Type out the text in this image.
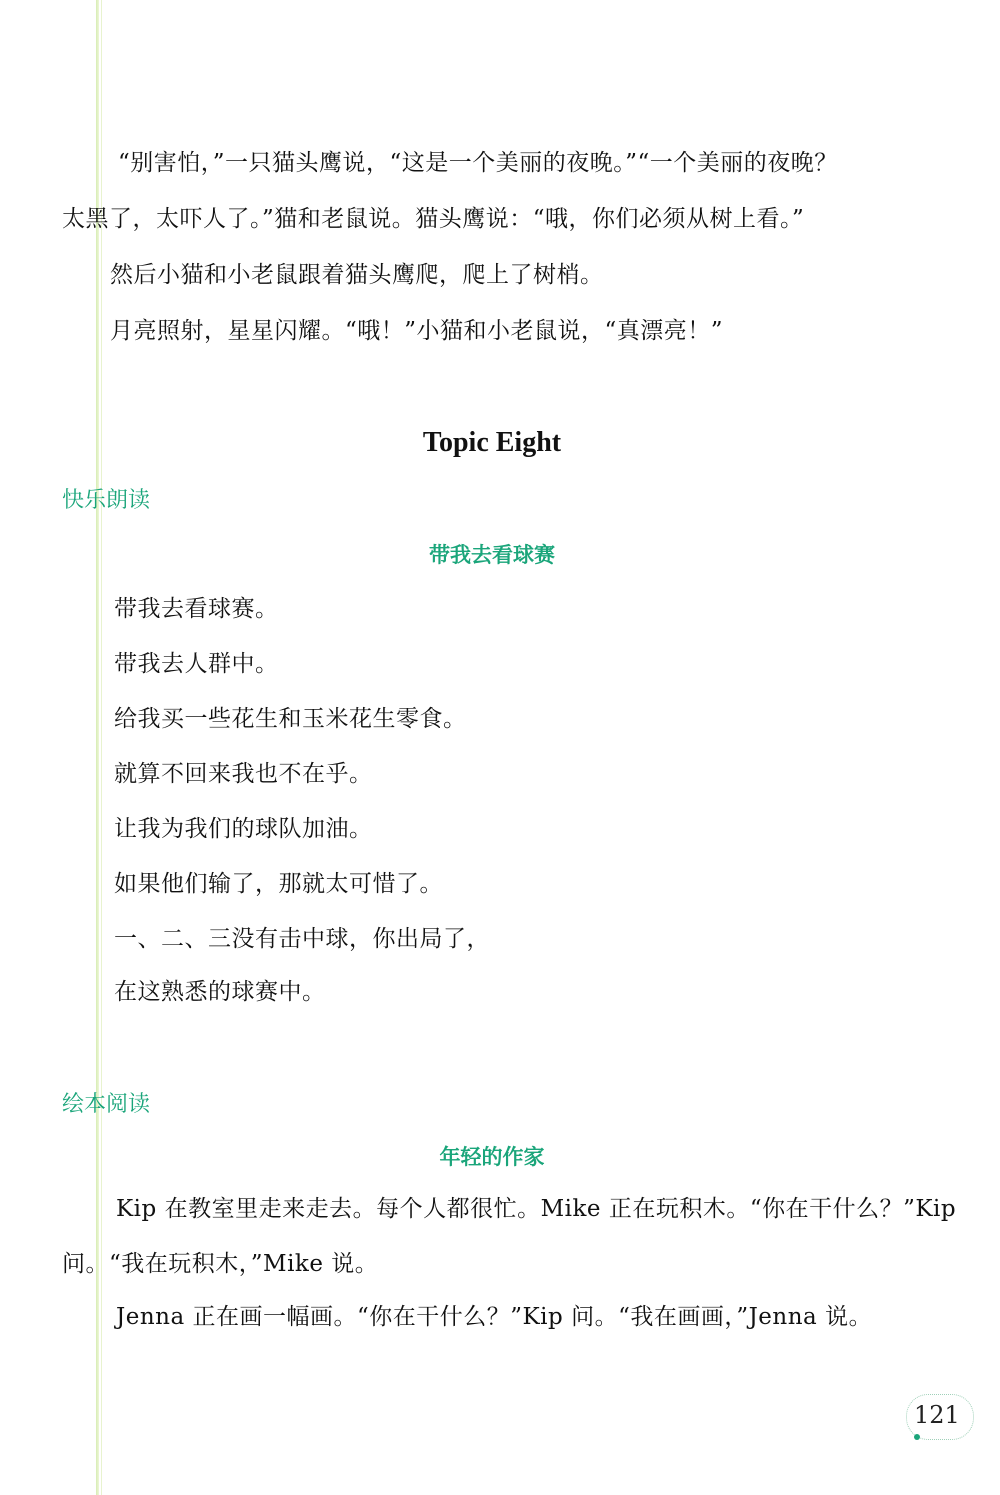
“别害怕，”一只猫头鹰说，“这是一个美丽的夜晚。”“一个美丽的夜晚？
太黑了，太吓人了。”猫和老鼠说。猫头鹰说：“哦，你们必须从树上看。”
然后小猫和小老鼠跟着猫头鹰爬，爬上了树梢。
月亮照射，星星闪耀。“哦！”小猫和小老鼠说，“真漂亮！”
Topic Eight
快乐朗读
带我去看球赛
带我去看球赛。
带我去人群中。
给我买一些花生和玉米花生零食。
就算不回来我也不在乎。
让我为我们的球队加油。
如果他们输了，那就太可惜了。
一、二、三没有击中球，你出局了，
在这熟悉的球赛中。
绘本阅读
年轻的作家
Kip 在教室里走来走去。每个人都很忙。Mike 正在玩积木。“你在干什么？”Kip
问。“我在玩积木，”Mike 说。
Jenna 正在画一幅画。“你在干什么？”Kip 问。“我在画画，”Jenna 说。
121
